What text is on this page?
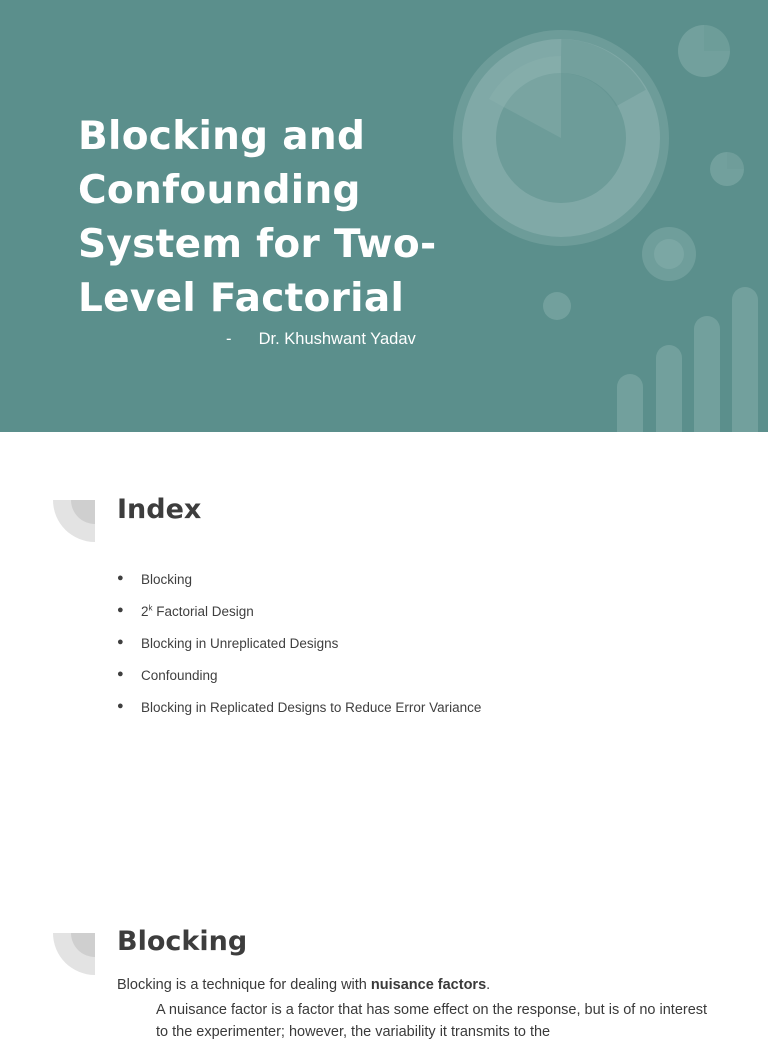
Blocking and Confounding System for Two-Level Factorial
- Dr. Khushwant Yadav
Index
● Blocking
● 2$^k$ Factorial Design
● Blocking in Unreplicated Designs
● Confounding
● Blocking in Replicated Designs to Reduce Error Variance
Blocking

Blocking is a technique for dealing with nuisance factors.

A nuisance factor is a factor that has some effect on the response, but is of no interest to the experimenter; however, the variability it transmits to the
